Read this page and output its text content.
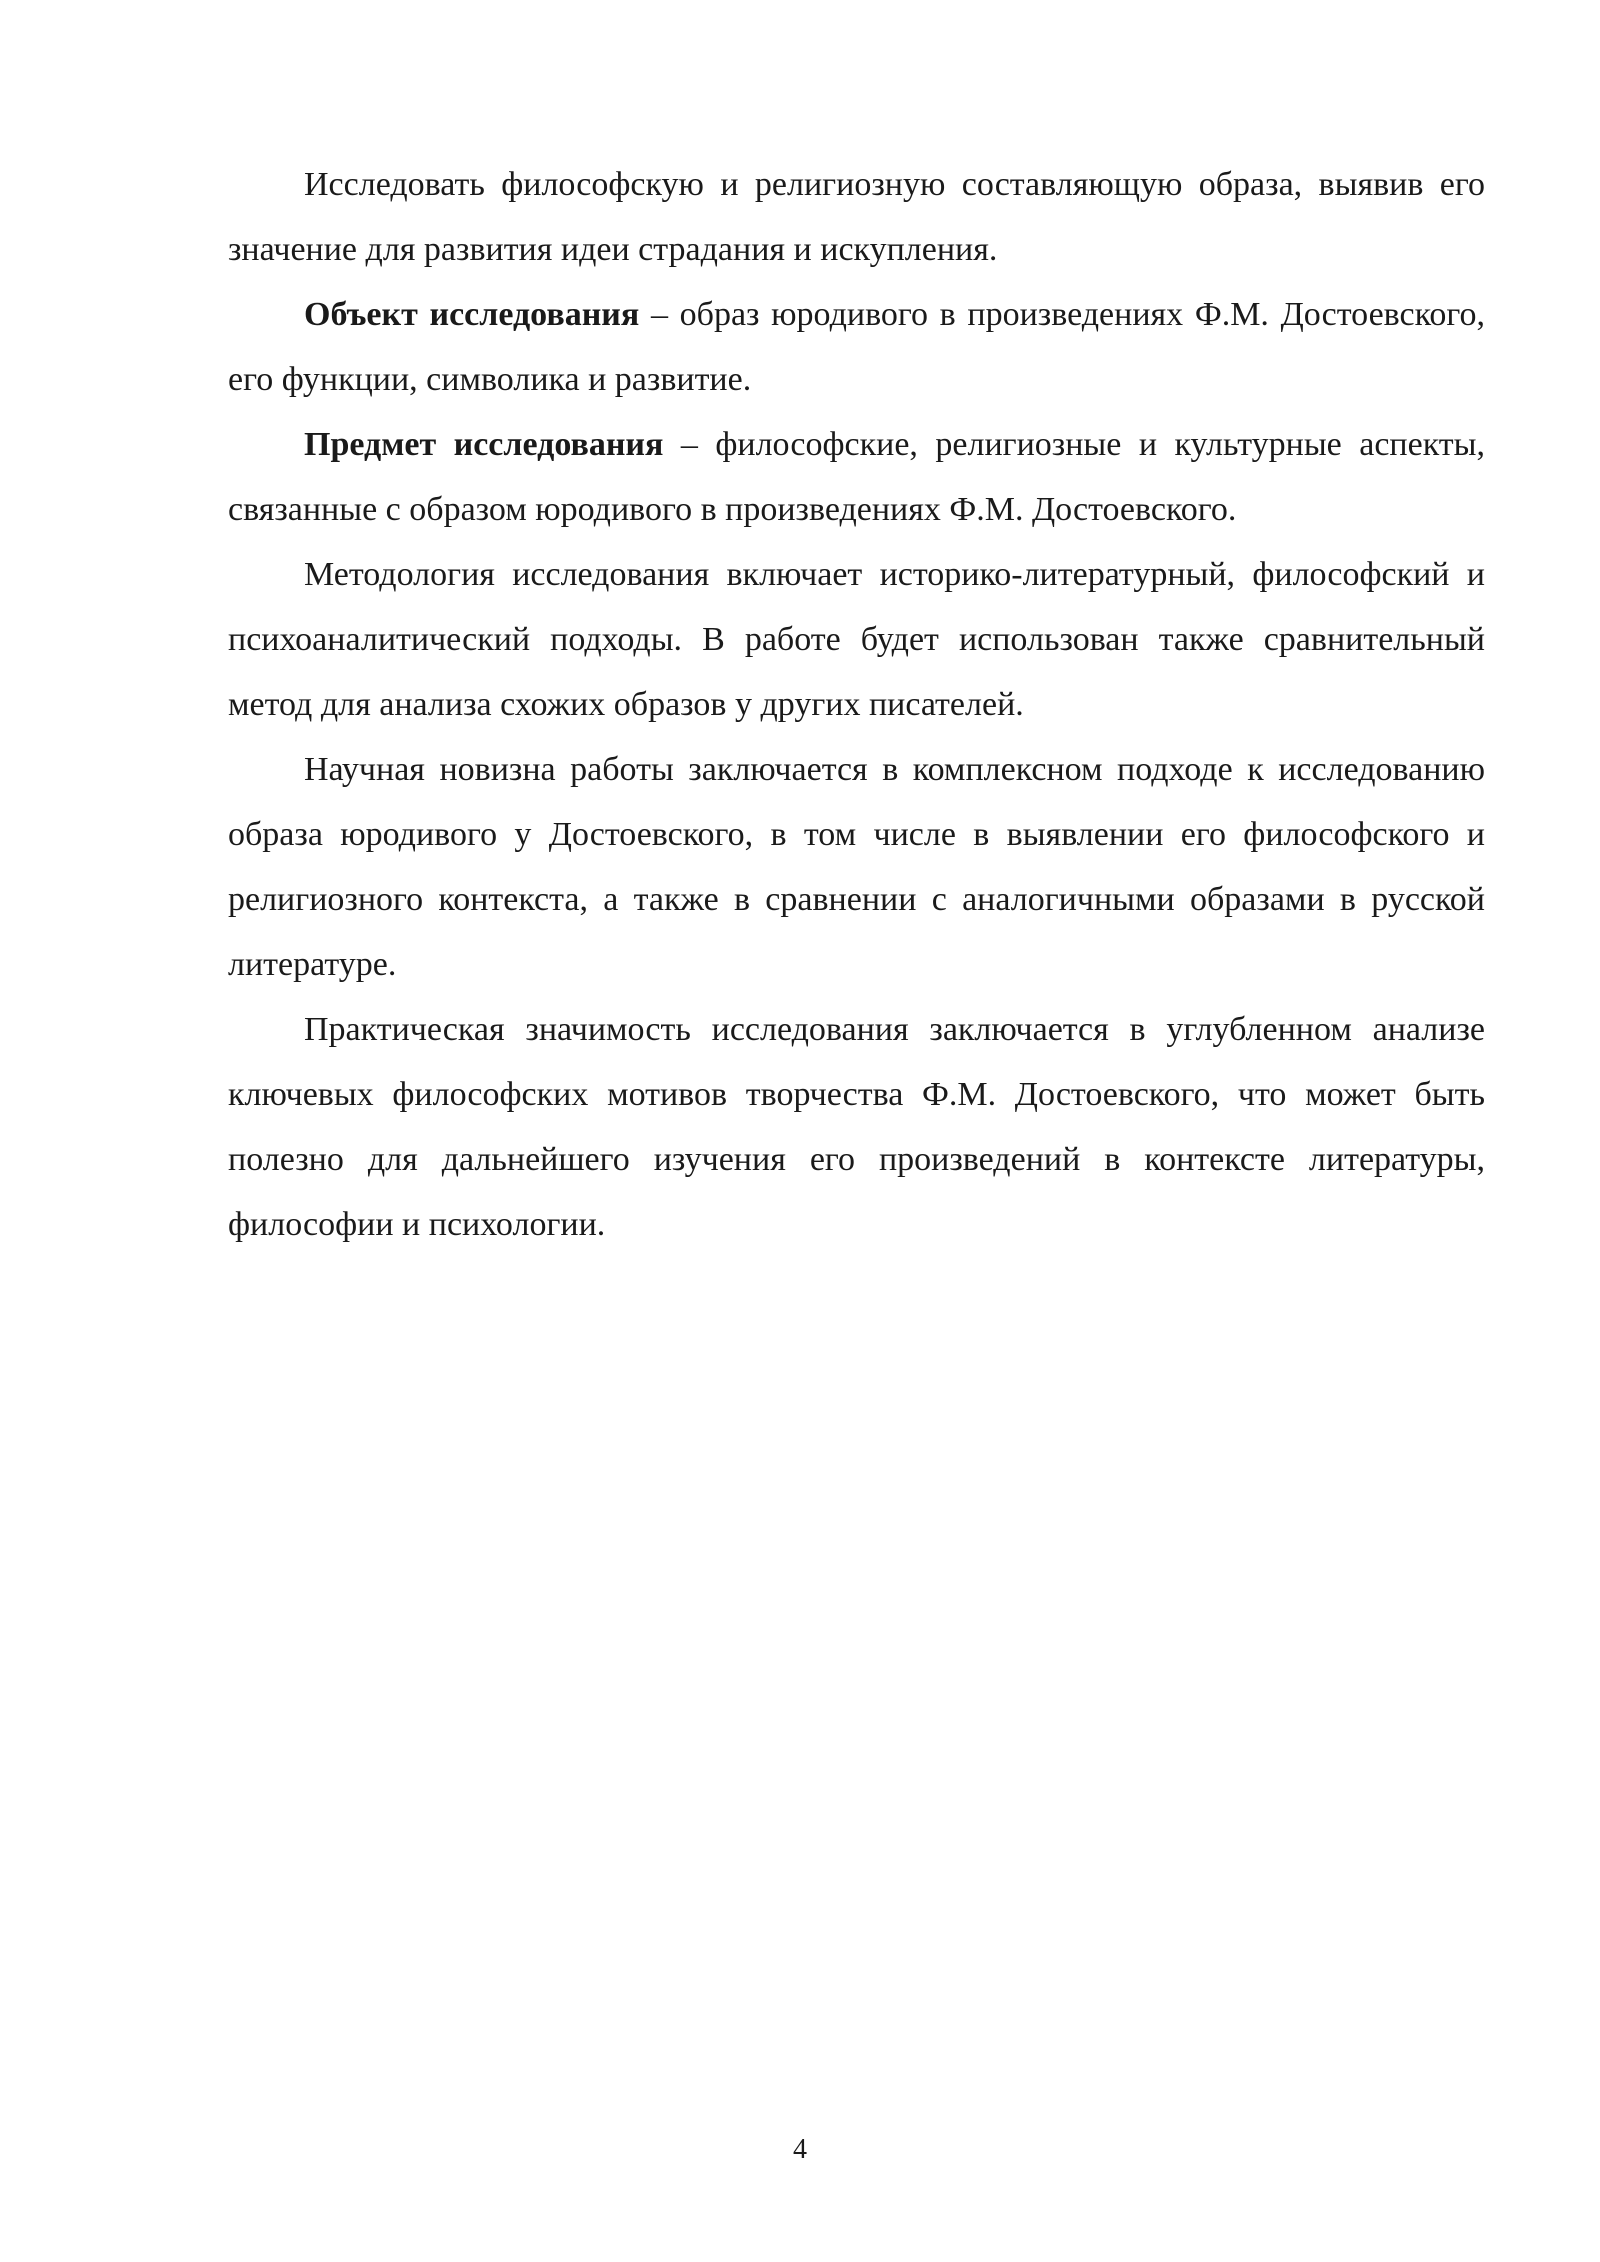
Исследовать философскую и религиозную составляющую образа, выявив его значение для развития идеи страдания и искупления.

Объект исследования – образ юродивого в произведениях Ф.М. Достоевского, его функции, символика и развитие.

Предмет исследования – философские, религиозные и культурные аспекты, связанные с образом юродивого в произведениях Ф.М. Достоевского.

Методология исследования включает историко-литературный, философский и психоаналитический подходы. В работе будет использован также сравнительный метод для анализа схожих образов у других писателей.

Научная новизна работы заключается в комплексном подходе к исследованию образа юродивого у Достоевского, в том числе в выявлении его философского и религиозного контекста, а также в сравнении с аналогичными образами в русской литературе.

Практическая значимость исследования заключается в углубленном анализе ключевых философских мотивов творчества Ф.М. Достоевского, что может быть полезно для дальнейшего изучения его произведений в контексте литературы, философии и психологии.

4
